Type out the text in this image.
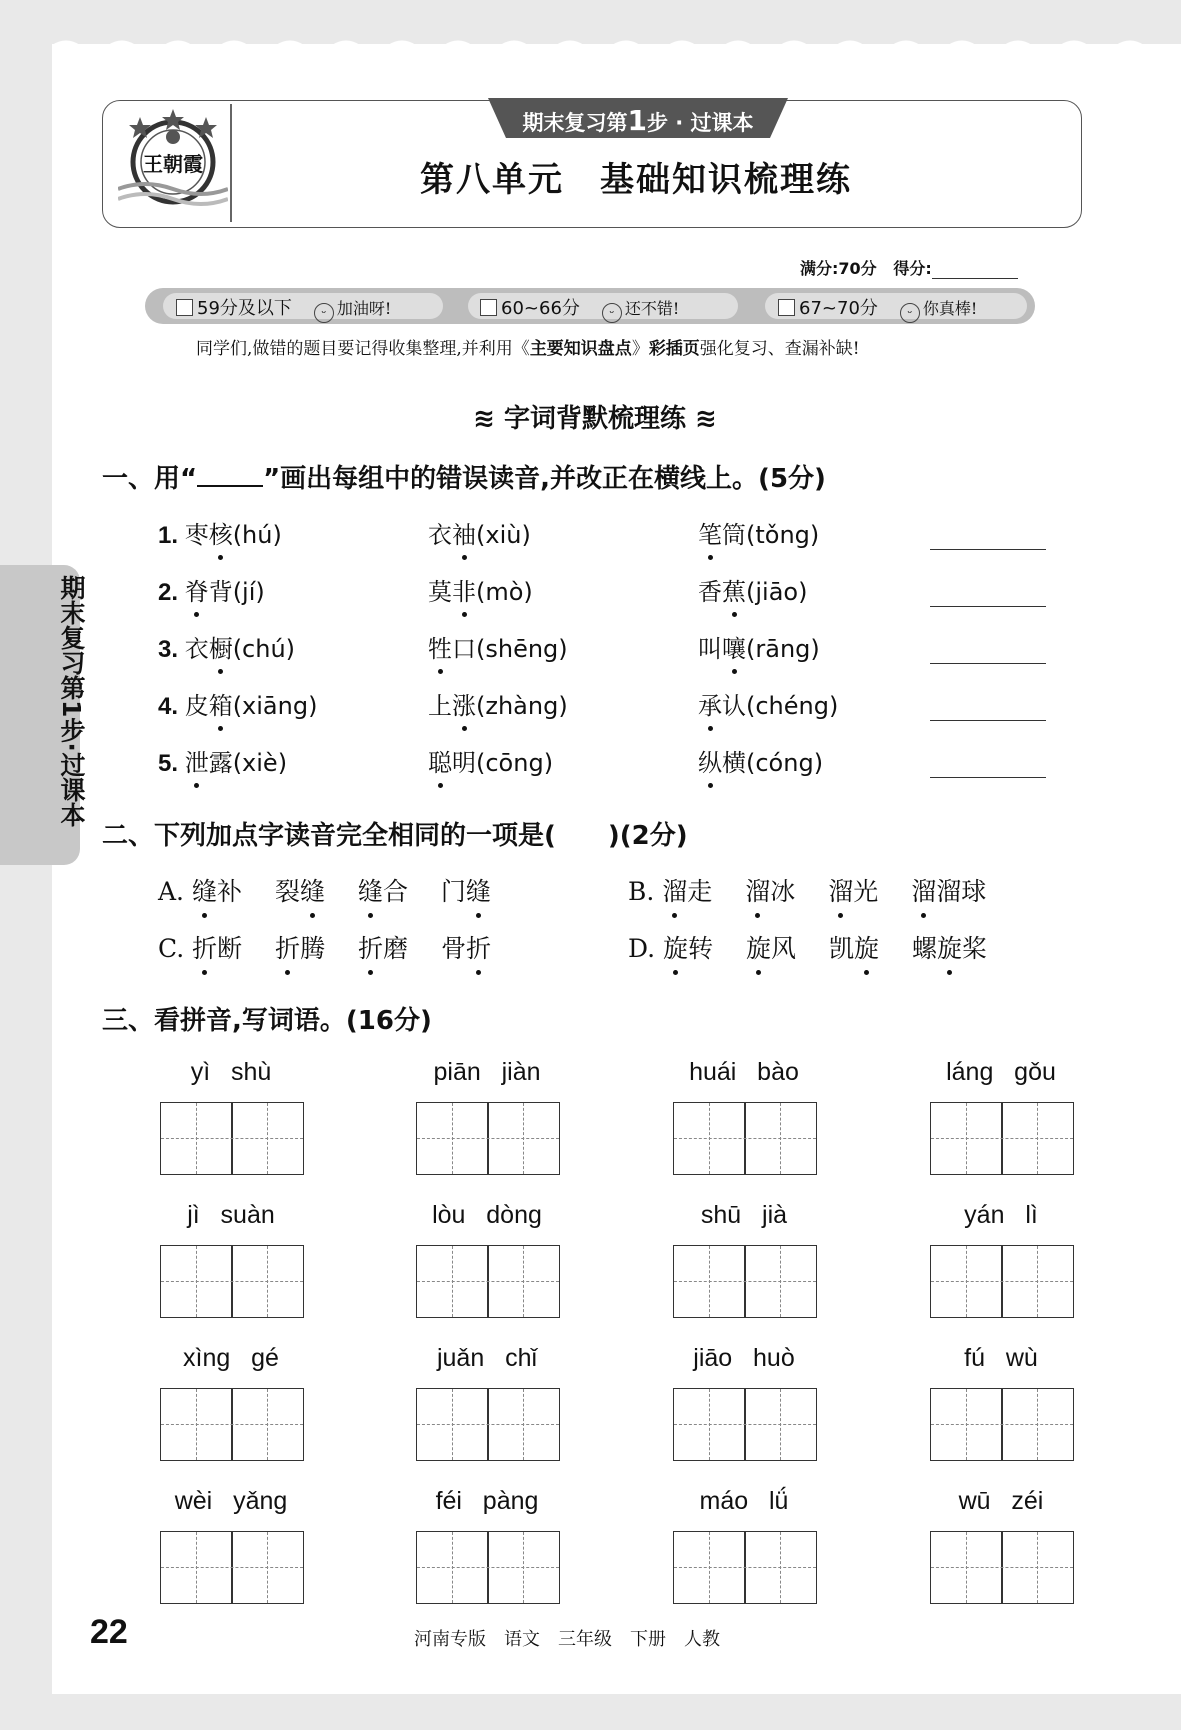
期末复习第1步·过课本
王朝霞
期末复习第1步 · 过课本
第八单元　基础知识梳理练
满分:70分 得分:
59分及以下 ᵕ 加油呀!	60~66分 ᵕ 还不错!	67~70分 ᵕ 你真棒!
同学们,做错的题目要记得收集整理,并利用《主要知识盘点》彩插页强化复习、查漏补缺!
≋ 字词背默梳理练 ≋
一、用“	”画出每组中的错误读音,并改正在横线上。(5分)
1. 枣核(hú)	衣袖(xiù)	笔筒(tǒng)
2. 脊背(jí)	莫非(mò)	香蕉(jiāo)
3. 衣橱(chú)	牲口(shēng)	叫嚷(rāng)
4. 皮箱(xiāng)	上涨(zhàng)	承认(chéng)
5. 泄露(xiè)	聪明(cōng)	纵横(cóng)
二、下列加点字读音完全相同的一项是(　　)(2分)
A. 缝补　 裂缝　 缝合　 门缝	B. 溜走　 溜冰　 溜光　 溜溜球
C. 折断　 折腾　 折磨　 骨折	D. 旋转　 旋风　 凯旋　 螺旋桨
三、看拼音,写词语。(16分)
yì   shù	piān   jiàn	huái   bào	láng   gǒu
jì   suàn	lòu   dòng	shū   jià	yán   lì
xìng   gé	juǎn   chǐ	jiāo   huò	fú   wù
wèi   yǎng	féi   pàng	máo   lǘ	wū   zéi
22	河南专版　语文　三年级　下册　人教
